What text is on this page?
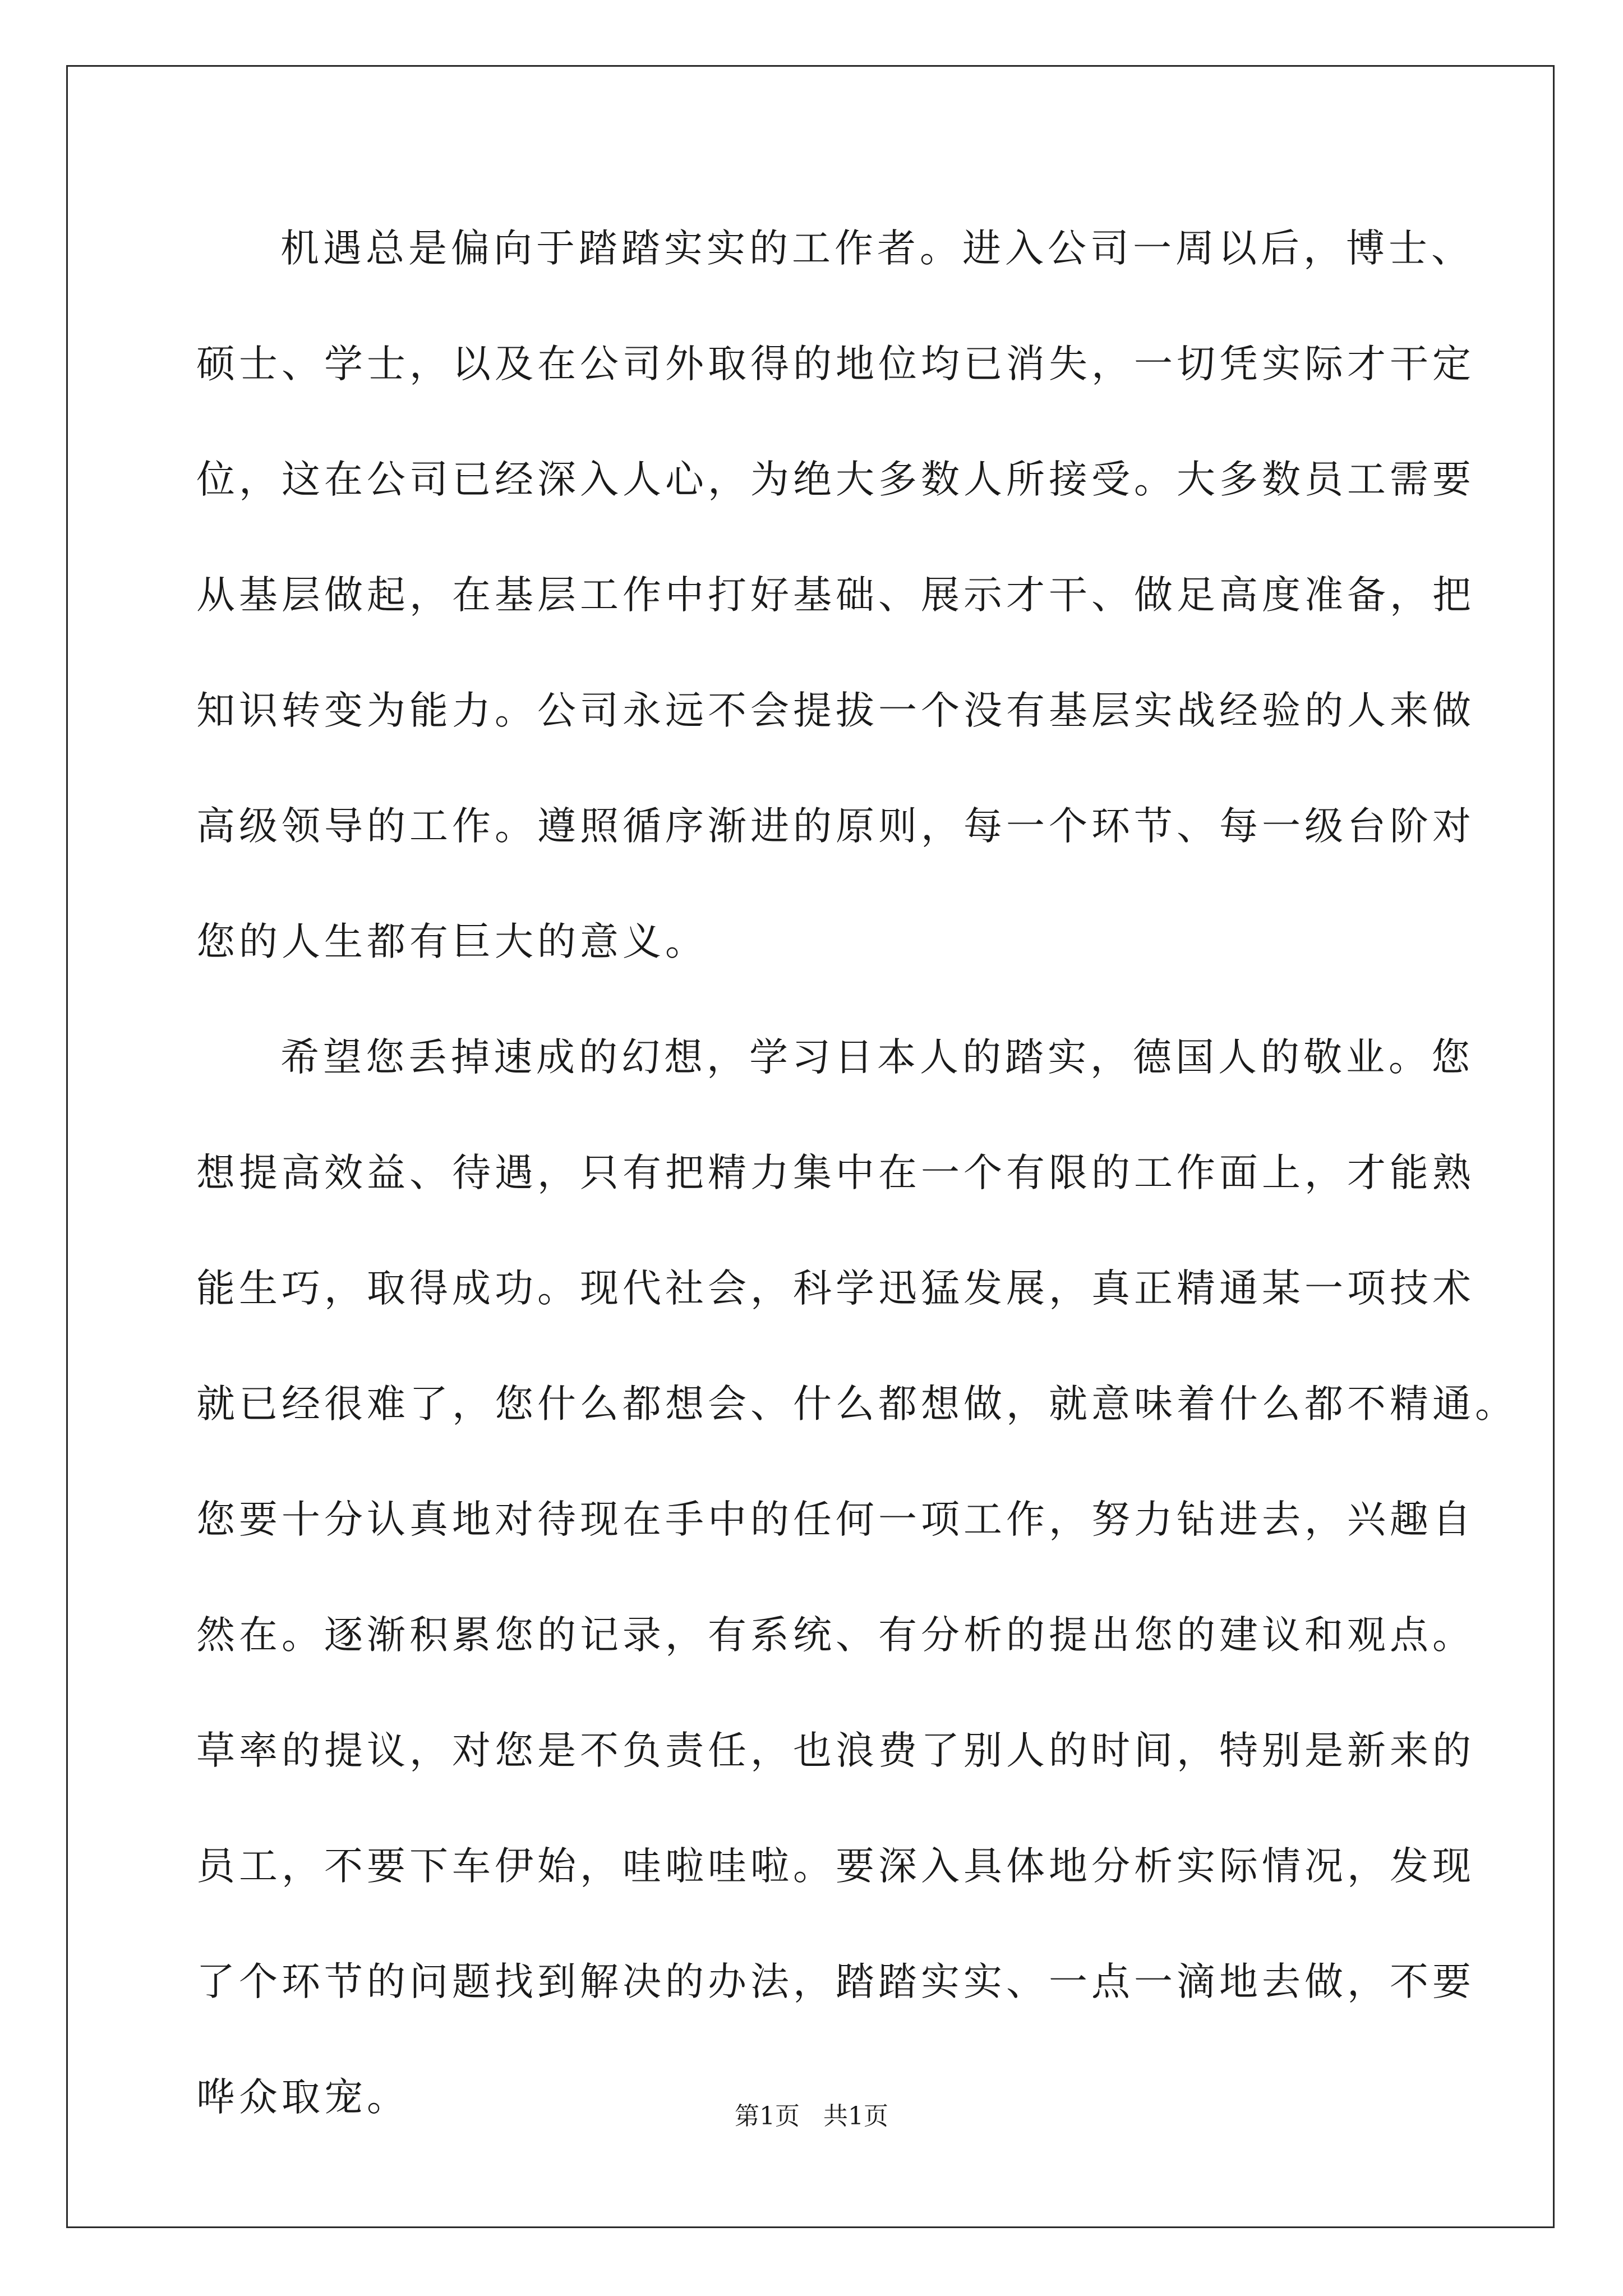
机遇总是偏向于踏踏实实的工作者。进入公司一周以后，博士、
硕士、学士，以及在公司外取得的地位均已消失，一切凭实际才干定
位，这在公司已经深入人心，为绝大多数人所接受。大多数员工需要
从基层做起，在基层工作中打好基础、展示才干、做足高度准备，把
知识转变为能力。公司永远不会提拔一个没有基层实战经验的人来做
高级领导的工作。遵照循序渐进的原则，每一个环节、每一级台阶对
您的人生都有巨大的意义。
希望您丢掉速成的幻想，学习日本人的踏实，德国人的敬业。您
想提高效益、待遇，只有把精力集中在一个有限的工作面上，才能熟
能生巧，取得成功。现代社会，科学迅猛发展，真正精通某一项技术
就已经很难了，您什么都想会、什么都想做，就意味着什么都不精通。
您要十分认真地对待现在手中的任何一项工作，努力钻进去，兴趣自
然在。逐渐积累您的记录，有系统、有分析的提出您的建议和观点。
草率的提议，对您是不负责任，也浪费了别人的时间，特别是新来的
员工，不要下车伊始，哇啦哇啦。要深入具体地分析实际情况，发现
了个环节的问题找到解决的办法，踏踏实实、一点一滴地去做，不要
哗众取宠。	第1页 共1页
